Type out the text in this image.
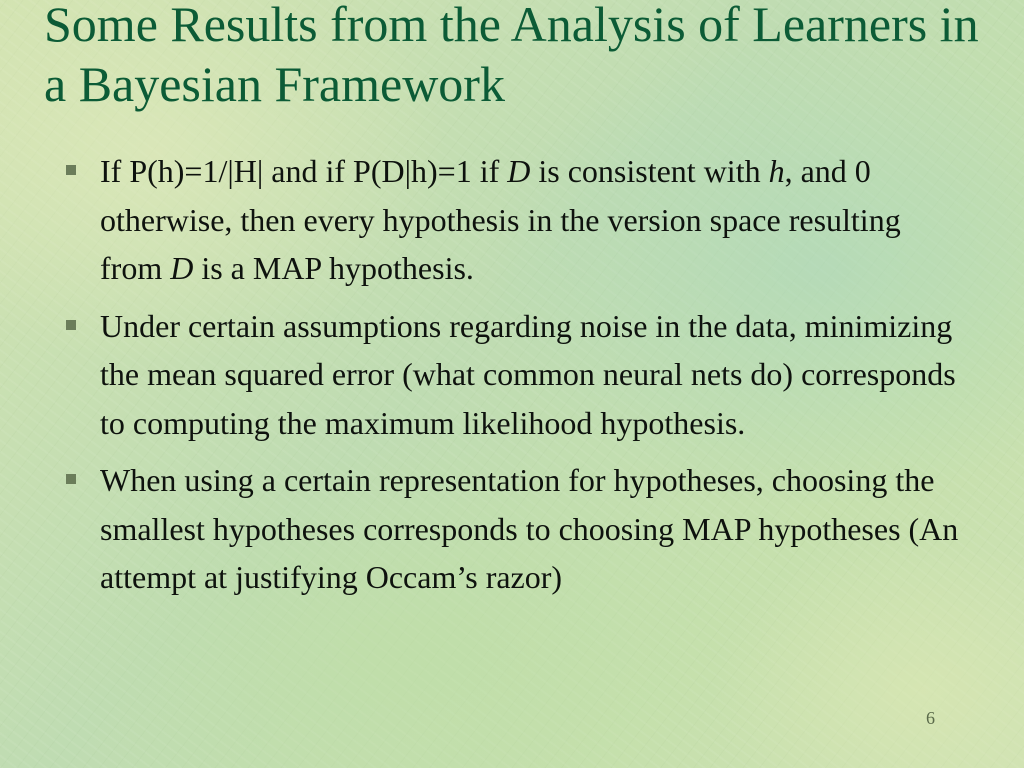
Some Results from the Analysis of Learners in a Bayesian Framework
If P(h)=1/|H| and if P(D|h)=1 if D is consistent with h, and 0 otherwise, then every hypothesis in the version space resulting from D is a MAP hypothesis.
Under certain assumptions regarding noise in the data, minimizing the mean squared error (what common neural nets do) corresponds to computing the maximum likelihood hypothesis.
When using a certain representation for hypotheses, choosing the smallest hypotheses corresponds to choosing MAP hypotheses (An attempt at justifying Occam’s razor)
6
